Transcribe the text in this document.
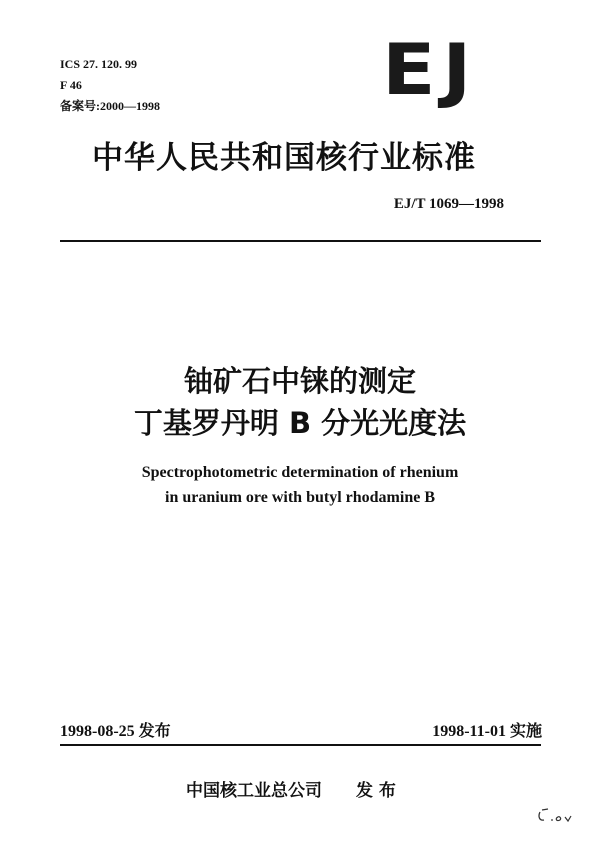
ICS 27. 120. 99
F 46
备案号:2000—1998	EJ
中华人民共和国核行业标准
EJ/T 1069—1998
铀矿石中铼的测定
丁基罗丹明 B 分光光度法
Spectrophotometric determination of rhenium
in uranium ore with butyl rhodamine B
1998-08-25 发布	1998-11-01 实施
中国核工业总公司 发 布
